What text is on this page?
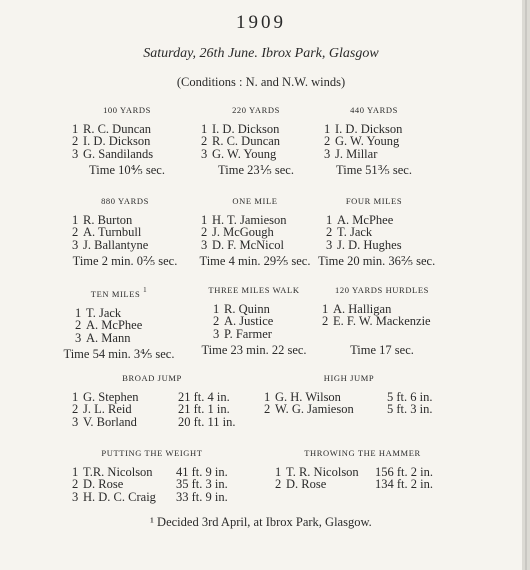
1909
Saturday, 26th June. Ibrox Park, Glasgow
(Conditions : N. and N.W. winds)
100 YARDS
1 R. C. Duncan
2 I. D. Dickson
3 G. Sandilands
Time 10⅘ sec.
220 YARDS
1 I. D. Dickson
2 R. C. Duncan
3 G. W. Young
Time 23⅕ sec.
440 YARDS
1 I. D. Dickson
2 G. W. Young
3 J. Millar
Time 51⅗ sec.
880 YARDS
1 R. Burton
2 A. Turnbull
3 J. Ballantyne
Time 2 min. 0⅖ sec.
ONE MILE
1 H. T. Jamieson
2 J. McGough
3 D. F. McNicol
Time 4 min. 29⅖ sec.
FOUR MILES
1 A. McPhee
2 T. Jack
3 J. D. Hughes
Time 20 min. 36⅖ sec.
TEN MILES $^1$
1 T. Jack
2 A. McPhee
3 A. Mann
Time 54 min. 3⅘ sec.
THREE MILES WALK
1 R. Quinn
2 A. Justice
3 P. Farmer
Time 23 min. 22 sec.
120 YARDS HURDLES
1 A. Halligan
2 E. F. W. Mackenzie
Time 17 sec.
BROAD JUMP
1 G. Stephen	21 ft. 4 in.
2 J. L. Reid	21 ft. 1 in.
3 V. Borland	20 ft. 11 in.
HIGH JUMP
1 G. H. Wilson	5 ft. 6 in.
2 W. G. Jamieson	5 ft. 3 in.
PUTTING THE WEIGHT
1 T.R. Nicolson 41 ft. 9 in.
2 D. Rose	35 ft. 3 in.
3 H. D. C. Craig 33 ft. 9 in.
THROWING THE HAMMER
1 T. R. Nicolson 156 ft. 2 in.
2 D. Rose	134 ft. 2 in.
¹ Decided 3rd April, at Ibrox Park, Glasgow.
